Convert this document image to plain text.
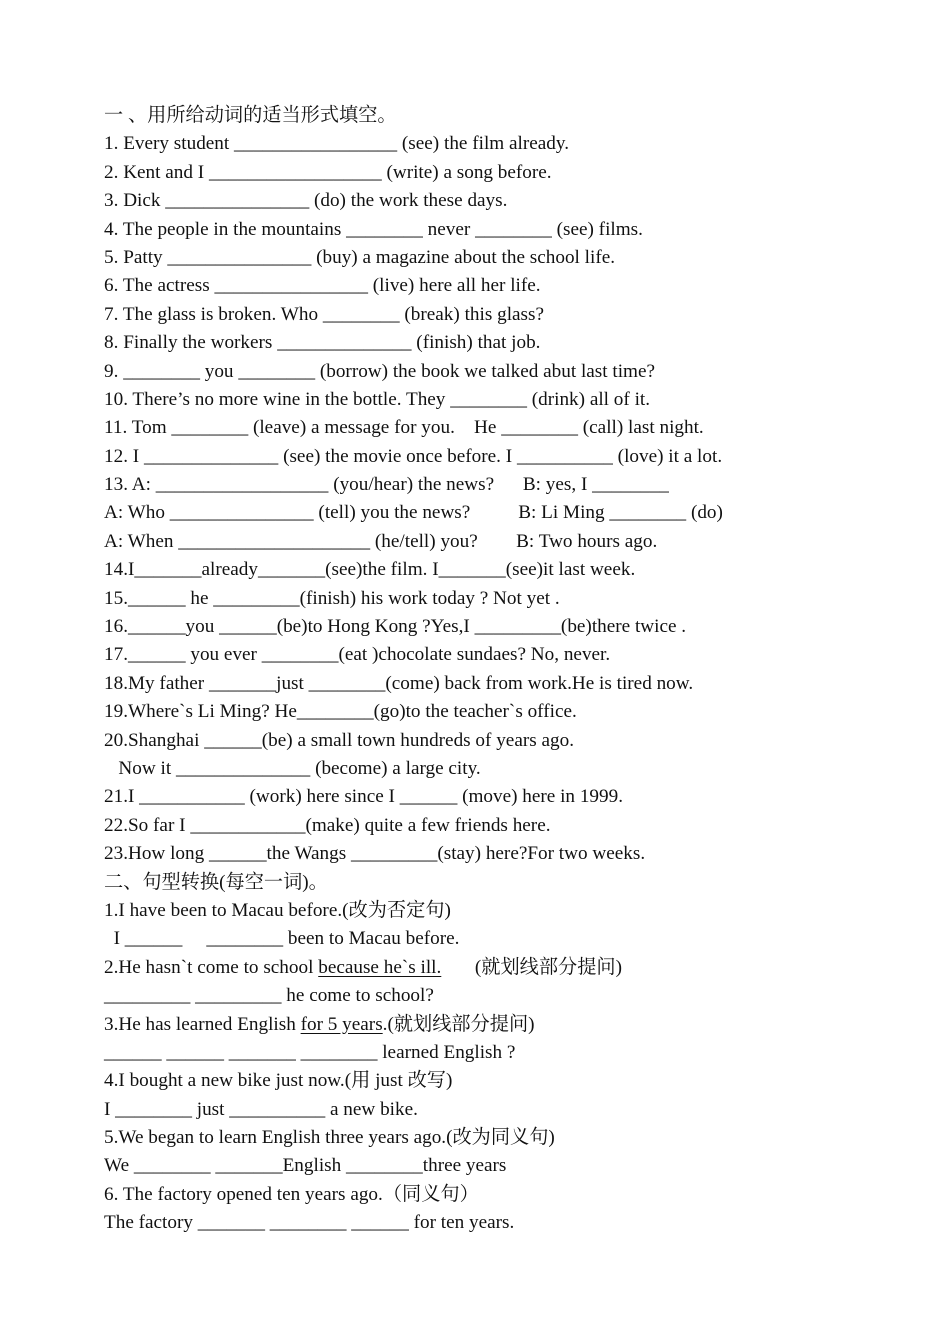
一 、用所给动词的适当形式填空。
1. Every student _________________ (see) the film already.
2. Kent and I __________________ (write) a song before.
3. Dick _______________ (do) the work these days.
4. The people in the mountains ________ never ________ (see) films.
5. Patty _______________ (buy) a magazine about the school life.
6. The actress ________________ (live) here all her life.
7. The glass is broken. Who ________ (break) this glass?
8. Finally the workers ______________ (finish) that job.
9. ________ you ________ (borrow) the book we talked abut last time?
10. There’s no more wine in the bottle. They ________ (drink) all of it.
11. Tom ________ (leave) a message for you.    He ________ (call) last night.
12. I ______________ (see) the movie once before. I __________ (love) it a lot.
13. A: __________________ (you/hear) the news?      B: yes, I ________
A: Who _______________ (tell) you the news?          B: Li Ming ________ (do)
A: When ____________________ (he/tell) you?        B: Two hours ago.
14.I_______already_______(see)the film. I_______(see)it last week.
15.______ he _________(finish) his work today ? Not yet .
16.______you ______(be)to Hong Kong ?Yes,I _________(be)there twice .
17.______ you ever ________(eat )chocolate sundaes? No, never.
18.My father _______just ________(come) back from work.He is tired now.
19.Where`s Li Ming? He________(go)to the teacher`s office.
20.Shanghai ______(be) a small town hundreds of years ago.
Now it ______________ (become) a large city.
21.I ___________ (work) here since I ______ (move) here in 1999.
22.So far I ____________(make) quite a few friends here.
23.How long ______the Wangs _________(stay) here?For two weeks.
二、句型转换(每空一词)。
1.I have been to Macau before.(改为否定句)
I ______     ________ been to Macau before.
2.He hasn`t come to school because he`s ill.       (就划线部分提问)
_________ _________ he come to school?
3.He has learned English for 5 years.(就划线部分提问)
______ ______ _______ ________ learned English ?
4.I bought a new bike just now.(用 just 改写)
I ________ just __________ a new bike.
5.We began to learn English three years ago.(改为同义句)
We ________ _______English ________three years
6. The factory opened ten years ago.（同义句）
The factory _______ ________ ______ for ten years.
